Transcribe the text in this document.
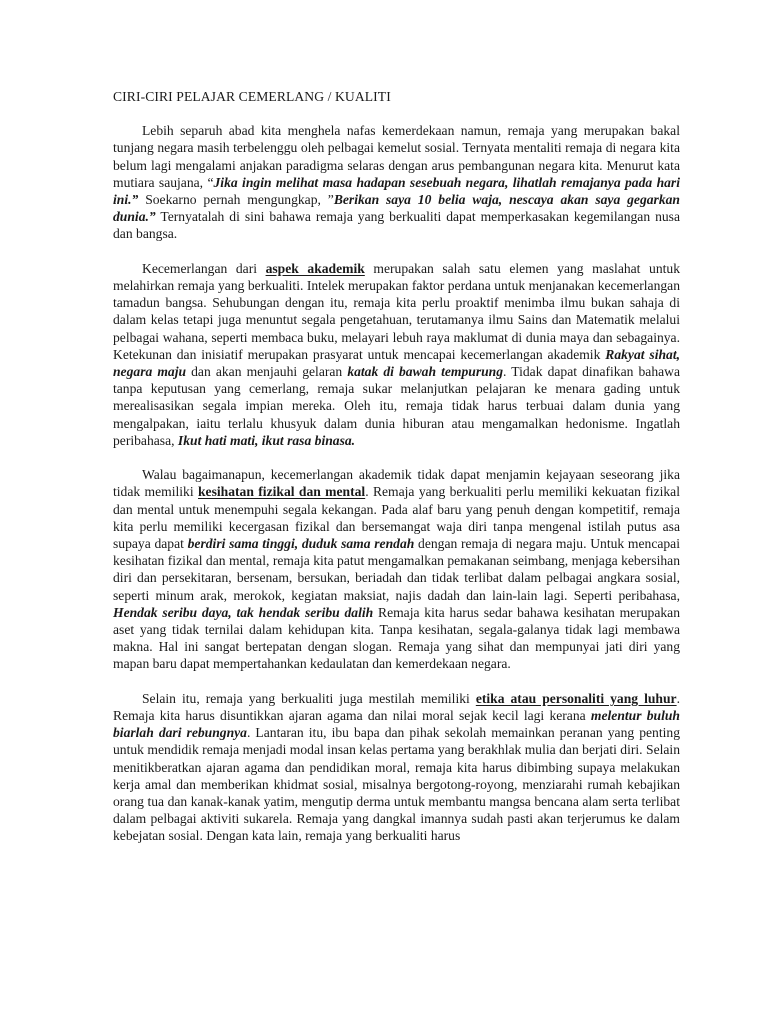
CIRI-CIRI PELAJAR CEMERLANG / KUALITI

Lebih separuh abad kita menghela nafas kemerdekaan namun, remaja yang merupakan bakal tunjang negara masih terbelenggu oleh pelbagai kemelut sosial. Ternyata mentaliti remaja di negara kita belum lagi mengalami anjakan paradigma selaras dengan arus pembangunan negara kita. Menurut kata mutiara saujana, “Jika ingin melihat masa hadapan sesebuah negara, lihatlah remajanya pada hari ini.” Soekarno pernah mengungkap, ”Berikan saya 10 belia waja, nescaya akan saya gegarkan dunia.” Ternyatalah di sini bahawa remaja yang berkualiti dapat memperkasakan kegemilangan nusa dan bangsa.

Kecemerlangan dari aspek akademik merupakan salah satu elemen yang maslahat untuk melahirkan remaja yang berkualiti. Intelek merupakan faktor perdana untuk menjanakan kecemerlangan tamadun bangsa. Sehubungan dengan itu, remaja kita perlu proaktif menimba ilmu bukan sahaja di dalam kelas tetapi juga menuntut segala pengetahuan, terutamanya ilmu Sains dan Matematik melalui pelbagai wahana, seperti membaca buku, melayari lebuh raya maklumat di dunia maya dan sebagainya. Ketekunan dan inisiatif merupakan prasyarat untuk mencapai kecemerlangan akademik Rakyat sihat, negara maju dan akan menjauhi gelaran katak di bawah tempurung. Tidak dapat dinafikan bahawa tanpa keputusan yang cemerlang, remaja sukar melanjutkan pelajaran ke menara gading untuk merealisasikan segala impian mereka. Oleh itu, remaja tidak harus terbuai dalam dunia yang mengalpakan, iaitu terlalu khusyuk dalam dunia hiburan atau mengamalkan hedonisme. Ingatlah peribahasa, Ikut hati mati, ikut rasa binasa.

Walau bagaimanapun, kecemerlangan akademik tidak dapat menjamin kejayaan seseorang jika tidak memiliki kesihatan fizikal dan mental. Remaja yang berkualiti perlu memiliki kekuatan fizikal dan mental untuk menempuhi segala kekangan. Pada alaf baru yang penuh dengan kompetitif, remaja kita perlu memiliki kecergasan fizikal dan bersemangat waja diri tanpa mengenal istilah putus asa supaya dapat berdiri sama tinggi, duduk sama rendah dengan remaja di negara maju. Untuk mencapai kesihatan fizikal dan mental, remaja kita patut mengamalkan pemakanan seimbang, menjaga kebersihan diri dan persekitaran, bersenam, bersukan, beriadah dan tidak terlibat dalam pelbagai angkara sosial, seperti minum arak, merokok, kegiatan maksiat, najis dadah dan lain-lain lagi. Seperti peribahasa, Hendak seribu daya, tak hendak seribu dalih Remaja kita harus sedar bahawa kesihatan merupakan aset yang tidak ternilai dalam kehidupan kita. Tanpa kesihatan, segala-galanya tidak lagi membawa makna. Hal ini sangat bertepatan dengan slogan. Remaja yang sihat dan mempunyai jati diri yang mapan baru dapat mempertahankan kedaulatan dan kemerdekaan negara.

Selain itu, remaja yang berkualiti juga mestilah memiliki etika atau personaliti yang luhur. Remaja kita harus disuntikkan ajaran agama dan nilai moral sejak kecil lagi kerana melentur buluh biarlah dari rebungnya. Lantaran itu, ibu bapa dan pihak sekolah memainkan peranan yang penting untuk mendidik remaja menjadi modal insan kelas pertama yang berakhlak mulia dan berjati diri. Selain menitikberatkan ajaran agama dan pendidikan moral, remaja kita harus dibimbing supaya melakukan kerja amal dan memberikan khidmat sosial, misalnya bergotong-royong, menziarahi rumah kebajikan orang tua dan kanak-kanak yatim, mengutip derma untuk membantu mangsa bencana alam serta terlibat dalam pelbagai aktiviti sukarela. Remaja yang dangkal imannya sudah pasti akan terjerumus ke dalam kebejatan sosial. Dengan kata lain, remaja yang berkualiti harus
